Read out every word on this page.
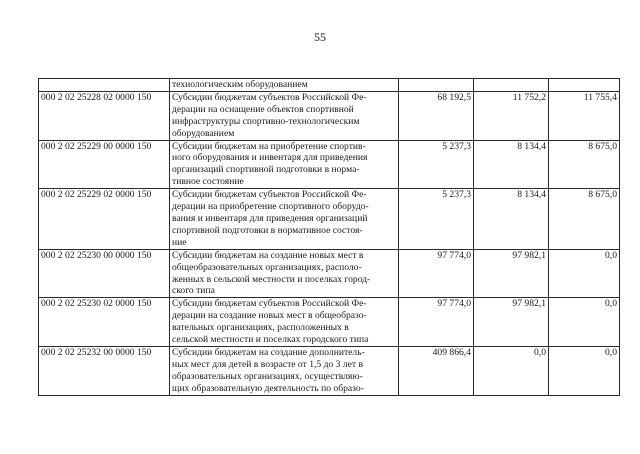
55

	технологическим оборудованием			

000 2 02 25228 02 0000 150	Субсидии бюджетам субъектов Российской Фе-
дерации на оснащение объектов спортивной
инфраструктуры спортивно-технологическим
оборудованием	68 192,5	11 752,2	11 755,4
000 2 02 25229 00 0000 150	Субсидии бюджетам на приобретение спортив-
ного оборудования и инвентаря для приведения
организаций спортивной подготовки в норма-
тивное состояние	5 237,3	8 134,4	8 675,0
000 2 02 25229 02 0000 150	Субсидии бюджетам субъектов Российской Фе-
дерации на приобретение спортивного оборудо-
вания и инвентаря для приведения организаций
спортивной подготовки в нормативное состоя-
ние	5 237,3	8 134,4	8 675,0
000 2 02 25230 00 0000 150	Субсидии бюджетам на создание новых мест в
общеобразовательных организациях, располо-
женных в сельской местности и поселках город-
ского типа	97 774,0	97 982,1	0,0
000 2 02 25230 02 0000 150	Субсидии бюджетам субъектов Российской Фе-
дерации на создание новых мест в общеобразо-
вательных организациях, расположенных в
сельской местности и поселках городского типа	97 774,0	97 982,1	0,0
000 2 02 25232 00 0000 150	Субсидии бюджетам на создание дополнитель-
ных мест для детей в возрасте от 1,5 до 3 лет в
образовательных организациях, осуществляю-
щих образовательную деятельность по образо-	409 866,4	0,0	0,0
